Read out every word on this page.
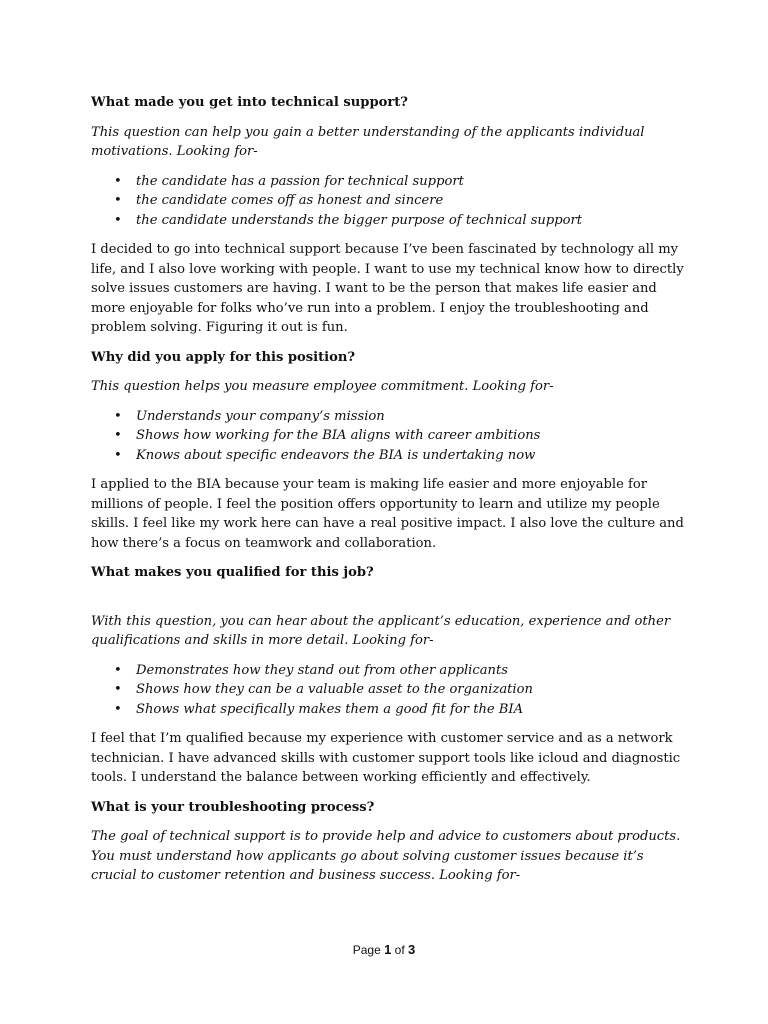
What made you get into technical support?

This question can help you gain a better understanding of the applicants individual motivations. Looking for-

• the candidate has a passion for technical support
• the candidate comes off as honest and sincere
• the candidate understands the bigger purpose of technical support

I decided to go into technical support because I’ve been fascinated by technology all my life, and I also love working with people. I want to use my technical know how to directly solve issues customers are having. I want to be the person that makes life easier and more enjoyable for folks who’ve run into a problem. I enjoy the troubleshooting and problem solving. Figuring it out is fun.

Why did you apply for this position?

This question helps you measure employee commitment. Looking for-

• Understands your company’s mission
• Shows how working for the BIA aligns with career ambitions
• Knows about specific endeavors the BIA is undertaking now

I applied to the BIA because your team is making life easier and more enjoyable for millions of people. I feel the position offers opportunity to learn and utilize my people skills. I feel like my work here can have a real positive impact. I also love the culture and how there’s a focus on teamwork and collaboration.

What makes you qualified for this job?

With this question, you can hear about the applicant’s education, experience and other qualifications and skills in more detail. Looking for-

• Demonstrates how they stand out from other applicants
• Shows how they can be a valuable asset to the organization
• Shows what specifically makes them a good fit for the BIA

I feel that I’m qualified because my experience with customer service and as a network technician. I have advanced skills with customer support tools like icloud and diagnostic tools. I understand the balance between working efficiently and effectively.

What is your troubleshooting process?

The goal of technical support is to provide help and advice to customers about products. You must understand how applicants go about solving customer issues because it’s crucial to customer retention and business success. Looking for-

Page 1 of 3
